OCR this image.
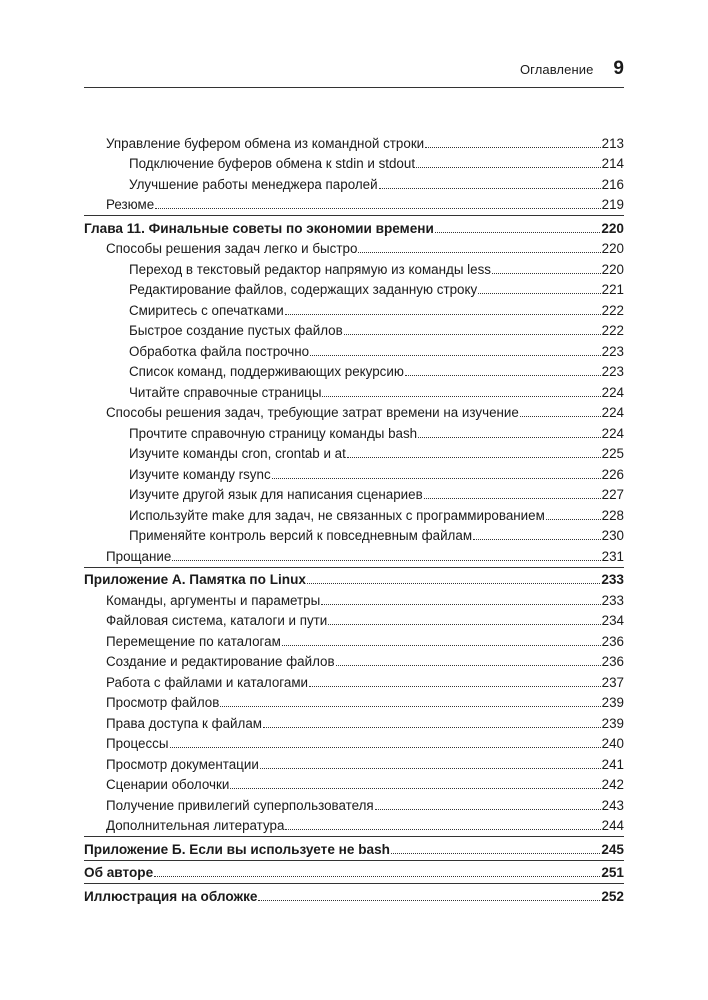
Оглавление 9
Управление буфером обмена из командной строки	213
Подключение буферов обмена к stdin и stdout	214
Улучшение работы менеджера паролей	216
Резюме	219
Глава 11. Финальные советы по экономии времени	220
Способы решения задач легко и быстро	220
Переход в текстовый редактор напрямую из команды less	220
Редактирование файлов, содержащих заданную строку	221
Смиритесь с опечатками	222
Быстрое создание пустых файлов	222
Обработка файла построчно	223
Список команд, поддерживающих рекурсию	223
Читайте справочные страницы	224
Способы решения задач, требующие затрат времени на изучение	224
Прочтите справочную страницу команды bash	224
Изучите команды cron, crontab и at	225
Изучите команду rsync	226
Изучите другой язык для написания сценариев	227
Используйте make для задач, не связанных с программированием	228
Применяйте контроль версий к повседневным файлам	230
Прощание	231
Приложение А. Памятка по Linux	233
Команды, аргументы и параметры	233
Файловая система, каталоги и пути	234
Перемещение по каталогам	236
Создание и редактирование файлов	236
Работа с файлами и каталогами	237
Просмотр файлов	239
Права доступа к файлам	239
Процессы	240
Просмотр документации	241
Сценарии оболочки	242
Получение привилегий суперпользователя	243
Дополнительная литература	244
Приложение Б. Если вы используете не bash	245
Об авторе	251
Иллюстрация на обложке	252
